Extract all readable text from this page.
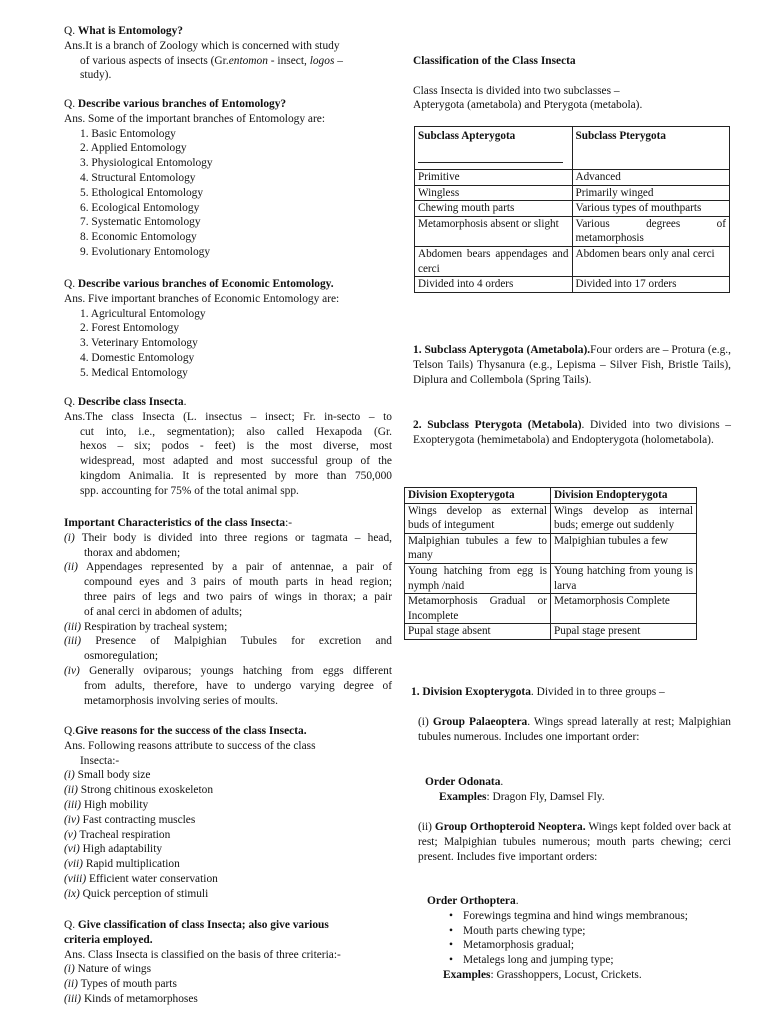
Q. What is Entomology?

Ans.It is a branch of Zoology which is concerned with study

of various aspects of insects (Gr.entomon - insect, logos –

study).

Q. Describe various branches of Entomology?

Ans. Some of the important branches of Entomology are:

1. Basic Entomology

2. Applied Entomology

3. Physiological Entomology

4. Structural Entomology

5. Ethological Entomology

6. Ecological Entomology

7. Systematic Entomology

8. Economic Entomology

9. Evolutionary Entomology

Q. Describe various branches of Economic Entomology.

Ans. Five important branches of Economic Entomology are:

1. Agricultural Entomology

2. Forest Entomology

3. Veterinary Entomology

4. Domestic Entomology

5. Medical Entomology

Q. Describe class Insecta.

Ans.The class Insecta (L. insectus – insect; Fr. in-secto – to

cut into, i.e., segmentation); also called Hexapoda (Gr.

hexos – six; podos - feet) is the most diverse, most

widespread, most adapted and most successful group of the

kingdom Animalia. It is represented by more than 750,000

spp. accounting for 75% of the total animal spp.

Important Characteristics of the class Insecta:-

(i) Their body is divided into three regions or tagmata – head,

thorax and abdomen;

(ii) Appendages represented by a pair of antennae, a pair of

compound eyes and 3 pairs of mouth parts in head region;

three pairs of legs and two pairs of wings in thorax; a pair

of anal cerci in abdomen of adults;

(iii) Respiration by tracheal system;

(iii) Presence of Malpighian Tubules for excretion and

osmoregulation;

(iv) Generally oviparous; youngs hatching from eggs different

from adults, therefore, have to undergo varying degree of

metamorphosis involving series of moults.

Q.Give reasons for the success of the class Insecta.

Ans. Following reasons attribute to success of the class

Insecta:-

(i) Small body size

(ii) Strong chitinous exoskeleton

(iii) High mobility

(iv) Fast contracting muscles

(v) Tracheal respiration

(vi) High adaptability

(vii) Rapid multiplication

(viii) Efficient water conservation

(ix) Quick perception of stimuli

Q. Give classification of class Insecta; also give various

criteria employed.

Ans. Class Insecta is classified on the basis of three criteria:-

(i) Nature of wings

(ii) Types of mouth parts

(iii) Kinds of metamorphoses

Classification of the Class Insecta

Class Insecta is divided into two subclasses –

Apterygota (ametabola) and Pterygota (metabola).

Subclass Apterygota	Subclass Pterygota
Primitive	Advanced
Wingless	Primarily winged
Chewing mouth parts	Various types of mouthparts
Metamorphosis absent or slight	Various degrees of metamorphosis
Abdomen bears appendages and cerci	Abdomen bears only anal cerci
Divided into 4 orders	Divided into 17 orders

1. Subclass Apterygota (Ametabola).Four orders are – Protura (e.g., Telson Tails) Thysanura (e.g., Lepisma – Silver Fish, Bristle Tails), Diplura and Collembola (Spring Tails).

2. Subclass Pterygota (Metabola). Divided into two divisions – Exopterygota (hemimetabola) and Endopterygota (holometabola).

Division Exopterygota	Division Endopterygota
Wings develop as external buds of integument	Wings develop as internal buds; emerge out suddenly
Malpighian tubules a few to many	Malpighian tubules a few
Young hatching from egg is nymph /naid	Young hatching from young is larva
Metamorphosis Gradual or Incomplete	Metamorphosis Complete
Pupal stage absent	Pupal stage present

1. Division Exopterygota. Divided in to three groups –

(i) Group Palaeoptera. Wings spread laterally at rest; Malpighian tubules numerous. Includes one important order:

Order Odonata.

Examples: Dragon Fly, Damsel Fly.

(ii) Group Orthopteroid Neoptera. Wings kept folded over back at rest; Malpighian tubules numerous; mouth parts chewing; cerci present. Includes five important orders:

Order Orthoptera.

• Forewings tegmina and hind wings membranous;

• Mouth parts chewing type;

• Metamorphosis gradual;

• Metalegs long and jumping type;

Examples: Grasshoppers, Locust, Crickets.
